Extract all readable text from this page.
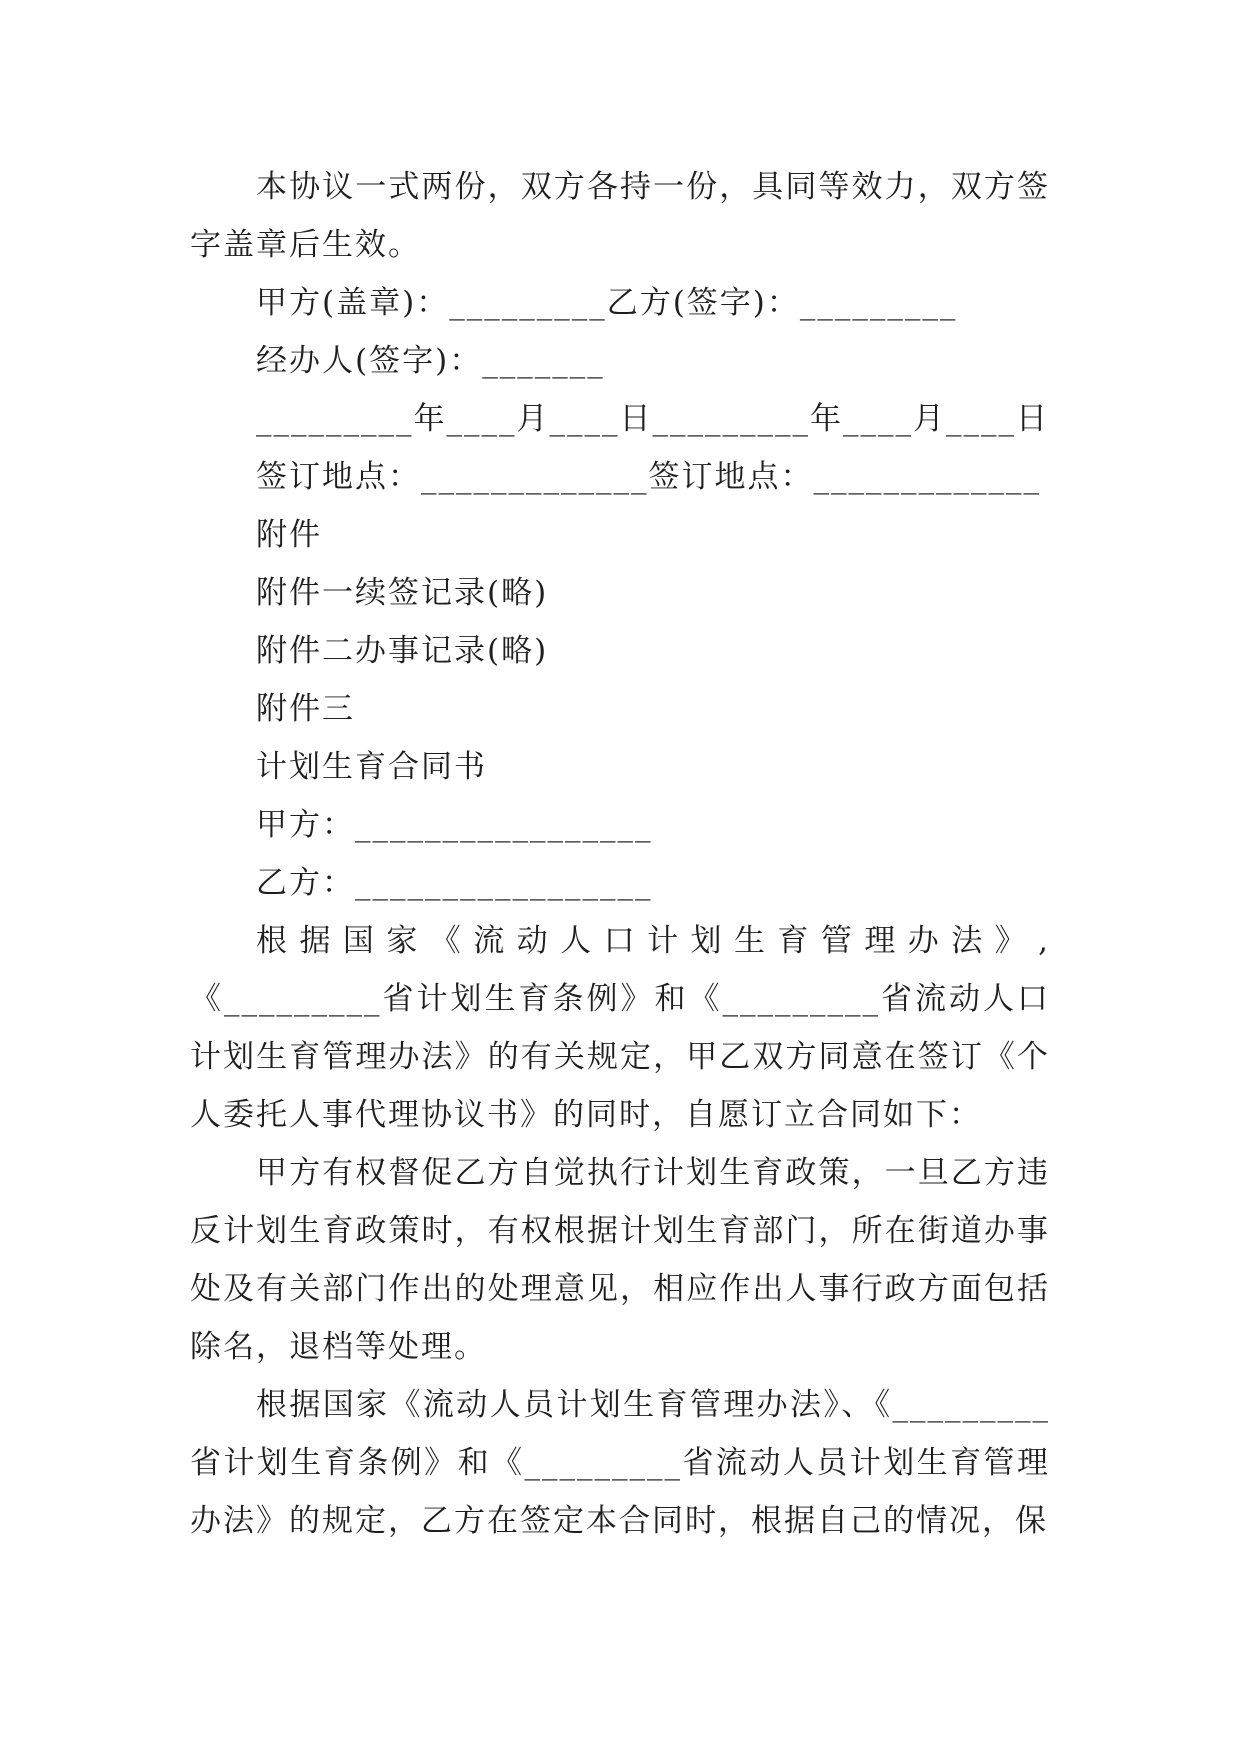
本协议一式两份，双方各持一份，具同等效力，双方签字盖章后生效。

甲方(盖章)：_________乙方(签字)：_________

经办人(签字)：_______

_________年____月____日_________年____月____日

签订地点：_____________签订地点：_____________

附件

附件一续签记录(略)

附件二办事记录(略)

附件三

计划生育合同书

甲方：_________________

乙方：_________________

根据国家《流动人口计划生育管理办法》,《_________省计划生育条例》和《_________省流动人口计划生育管理办法》的有关规定，甲乙双方同意在签订《个人委托人事代理协议书》的同时，自愿订立合同如下：

甲方有权督促乙方自觉执行计划生育政策，一旦乙方违反计划生育政策时，有权根据计划生育部门，所在街道办事处及有关部门作出的处理意见，相应作出人事行政方面包括除名，退档等处理。

根据国家《流动人员计划生育管理办法》、《_________省计划生育条例》和《_________省流动人员计划生育管理办法》的规定，乙方在签定本合同时，根据自己的情况，保
